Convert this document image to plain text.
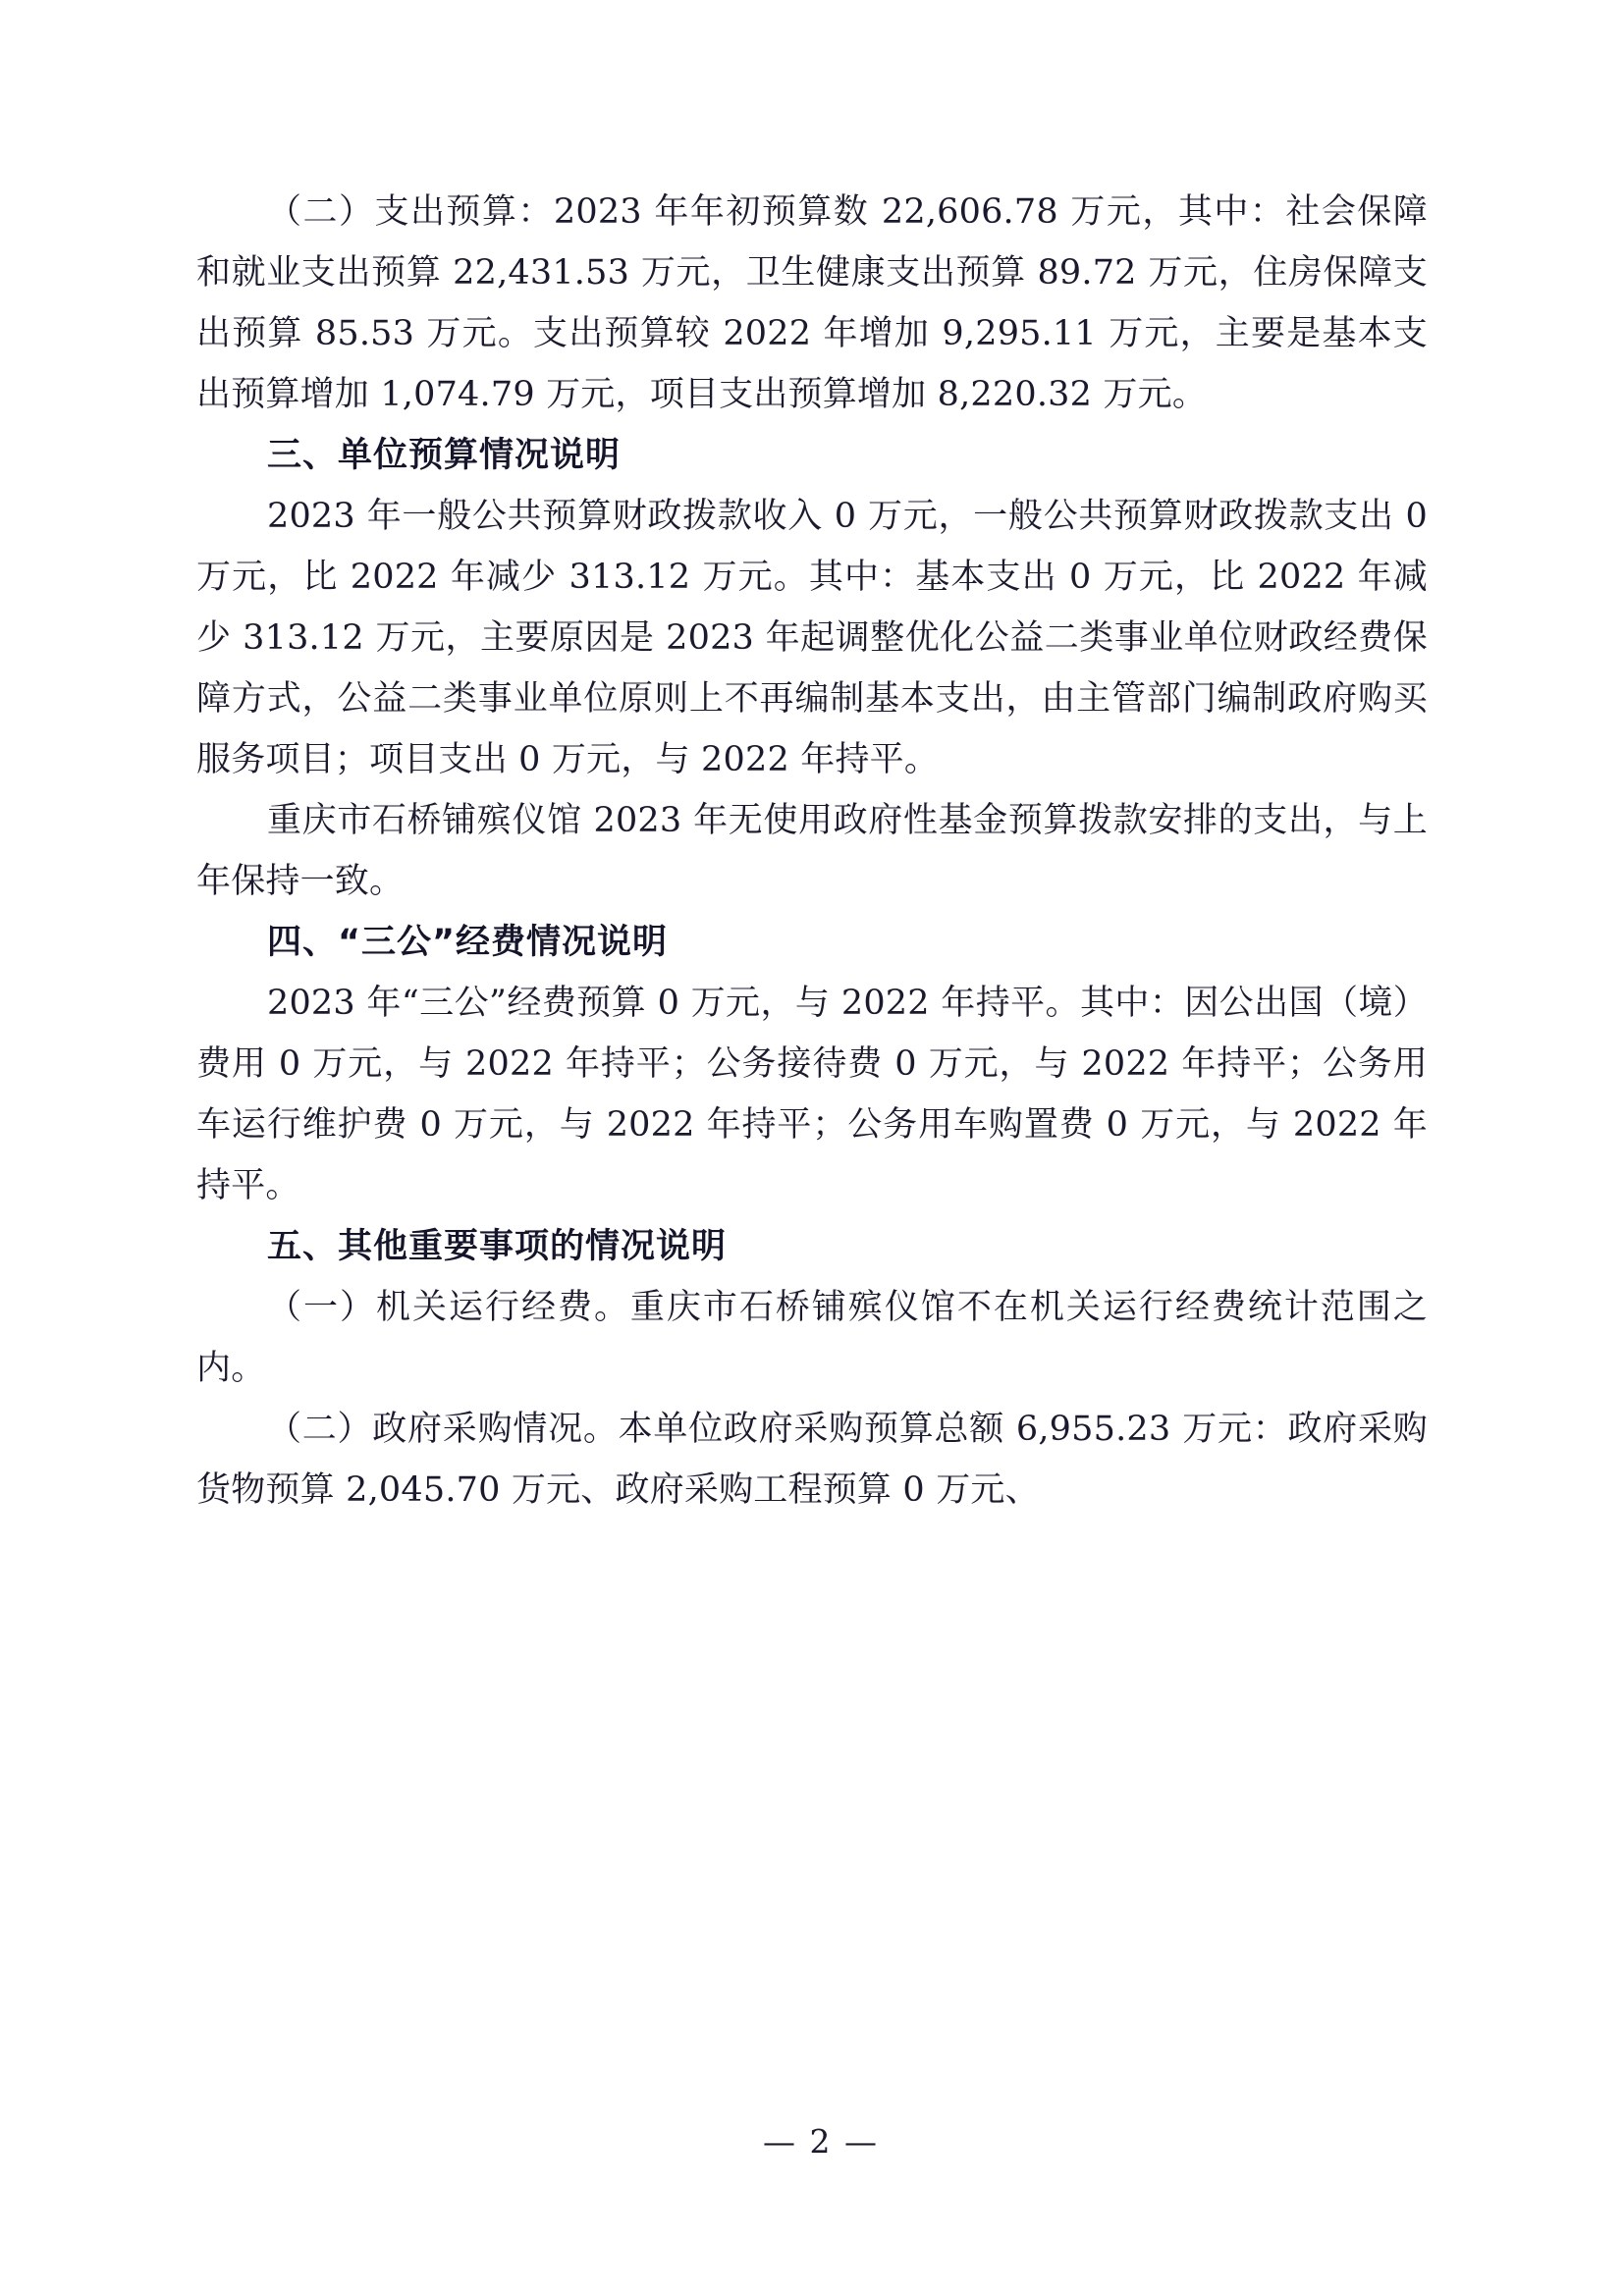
（二）支出预算：2023 年年初预算数 22,606.78 万元，其中：社会保障和就业支出预算 22,431.53 万元，卫生健康支出预算 89.72 万元，住房保障支出预算 85.53 万元。支出预算较 2022 年增加 9,295.11 万元，主要是基本支出预算增加 1,074.79 万元，项目支出预算增加 8,220.32 万元。

三、单位预算情况说明

2023 年一般公共预算财政拨款收入 0 万元，一般公共预算财政拨款支出 0 万元，比 2022 年减少 313.12 万元。其中：基本支出 0 万元，比 2022 年减少 313.12 万元，主要原因是 2023 年起调整优化公益二类事业单位财政经费保障方式，公益二类事业单位原则上不再编制基本支出，由主管部门编制政府购买服务项目；项目支出 0 万元，与 2022 年持平。

重庆市石桥铺殡仪馆 2023 年无使用政府性基金预算拨款安排的支出，与上年保持一致。

四、“三公”经费情况说明

2023 年“三公”经费预算 0 万元，与 2022 年持平。其中：因公出国（境）费用 0 万元，与 2022 年持平；公务接待费 0 万元，与 2022 年持平；公务用车运行维护费 0 万元，与 2022 年持平；公务用车购置费 0 万元，与 2022 年持平。

五、其他重要事项的情况说明

（一）机关运行经费。重庆市石桥铺殡仪馆不在机关运行经费统计范围之内。

（二）政府采购情况。本单位政府采购预算总额 6,955.23 万元：政府采购货物预算 2,045.70 万元、政府采购工程预算 0 万元、

— 2 —
